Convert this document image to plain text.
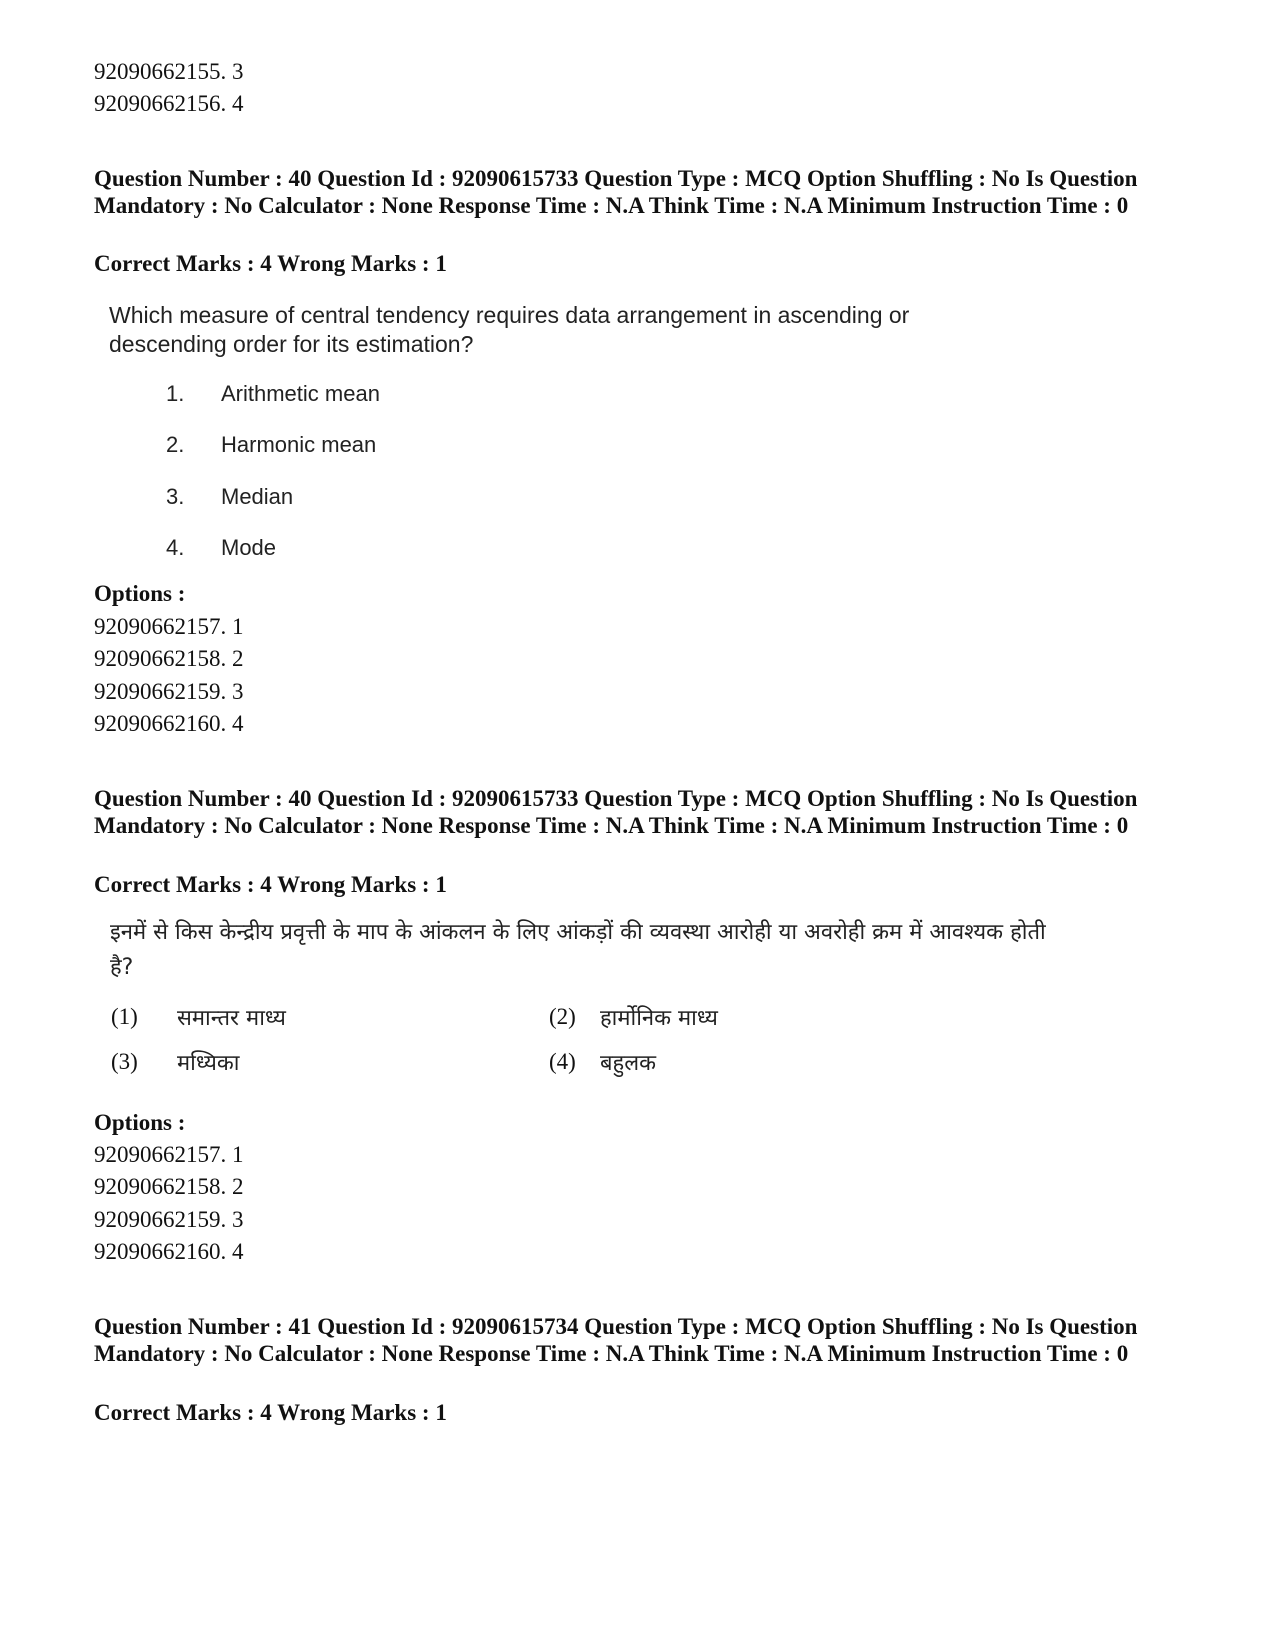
92090662155. 3
92090662156. 4
Question Number : 40 Question Id : 92090615733 Question Type : MCQ Option Shuffling : No Is Question Mandatory : No Calculator : None Response Time : N.A Think Time : N.A Minimum Instruction Time : 0
Correct Marks : 4 Wrong Marks : 1
Which measure of central tendency requires data arrangement in ascending or descending order for its estimation?
1. Arithmetic mean
2. Harmonic mean
3. Median
4. Mode
Options :
92090662157. 1
92090662158. 2
92090662159. 3
92090662160. 4
Question Number : 40 Question Id : 92090615733 Question Type : MCQ Option Shuffling : No Is Question Mandatory : No Calculator : None Response Time : N.A Think Time : N.A Minimum Instruction Time : 0
Correct Marks : 4 Wrong Marks : 1
इनमें से किस केन्द्रीय प्रवृत्ती के माप के आंकलन के लिए आंकड़ों की व्यवस्था आरोही या अवरोही क्रम में आवश्यक होती है?
(1) समान्तर माध्य	(2) हार्मोनिक माध्य
(3) मध्यिका	(4) बहुलक
Options :
92090662157. 1
92090662158. 2
92090662159. 3
92090662160. 4
Question Number : 41 Question Id : 92090615734 Question Type : MCQ Option Shuffling : No Is Question Mandatory : No Calculator : None Response Time : N.A Think Time : N.A Minimum Instruction Time : 0
Correct Marks : 4 Wrong Marks : 1
